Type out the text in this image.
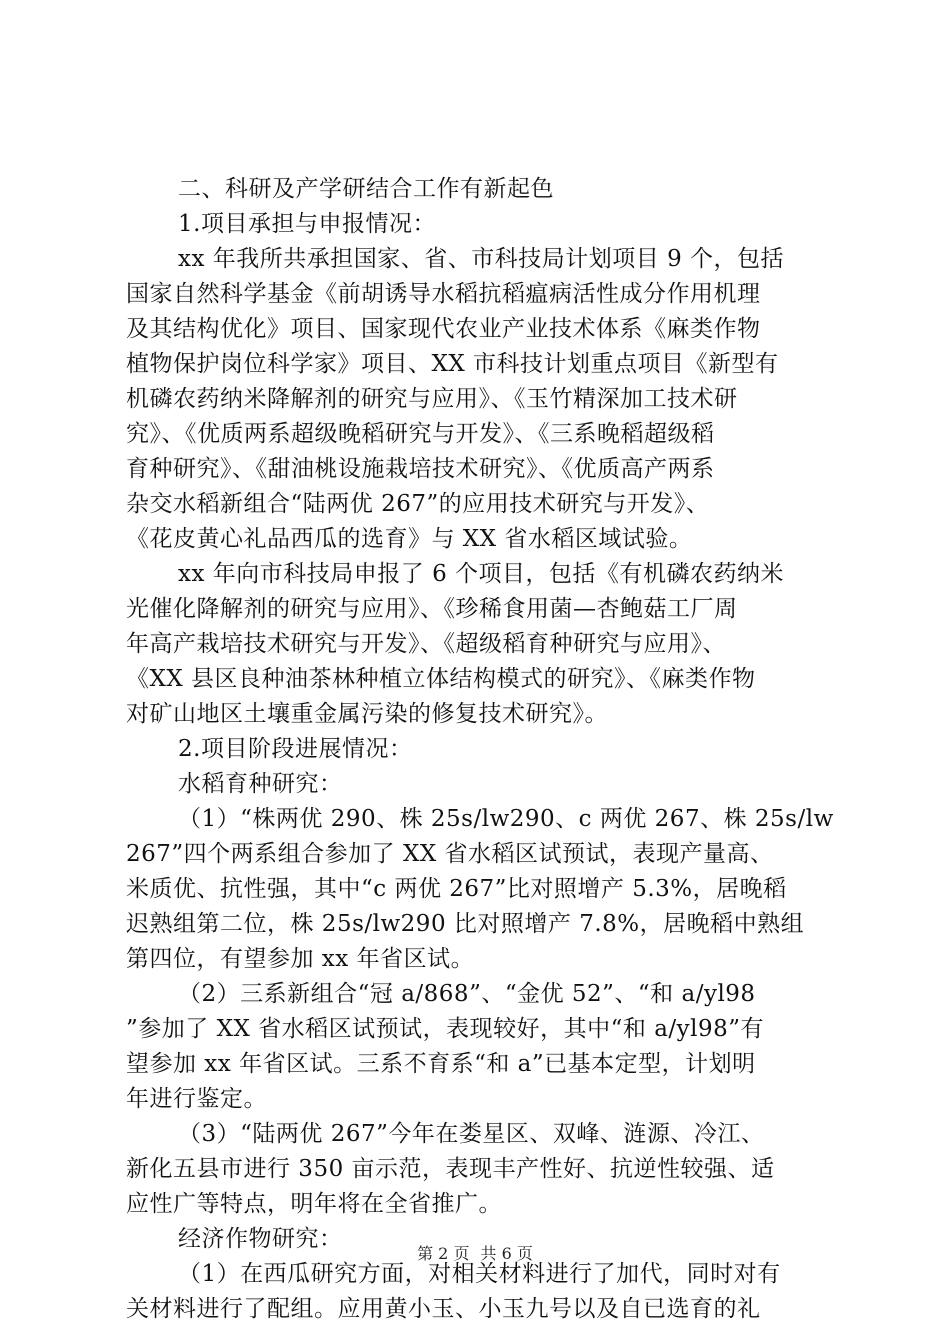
二、科研及产学研结合工作有新起色
1.项目承担与申报情况：
xx 年我所共承担国家、省、市科技局计划项目 9 个，包括
国家自然科学基金《前胡诱导水稻抗稻瘟病活性成分作用机理
及其结构优化》项目、国家现代农业产业技术体系《麻类作物
植物保护岗位科学家》项目、XX 市科技计划重点项目《新型有
机磷农药纳米降解剂的研究与应用》、《玉竹精深加工技术研
究》、《优质两系超级晚稻研究与开发》、《三系晚稻超级稻
育种研究》、《甜油桃设施栽培技术研究》、《优质高产两系
杂交水稻新组合“陆两优 267”的应用技术研究与开发》、
《花皮黄心礼品西瓜的选育》与 XX 省水稻区域试验。
xx 年向市科技局申报了 6 个项目，包括《有机磷农药纳米
光催化降解剂的研究与应用》、《珍稀食用菌—杏鲍菇工厂周
年高产栽培技术研究与开发》、《超级稻育种研究与应用》、
《XX 县区良种油茶林种植立体结构模式的研究》、《麻类作物
对矿山地区土壤重金属污染的修复技术研究》。
2.项目阶段进展情况：
水稻育种研究：
（1）“株两优 290、株 25s/lw290、c 两优 267、株 25s/lw
267”四个两系组合参加了 XX 省水稻区试预试，表现产量高、
米质优、抗性强，其中“c 两优 267”比对照增产 5.3%，居晚稻
迟熟组第二位，株 25s/lw290 比对照增产 7.8%，居晚稻中熟组
第四位，有望参加 xx 年省区试。
（2）三系新组合“冠 a/868”、“金优 52”、“和 a/yl98
”参加了 XX 省水稻区试预试，表现较好，其中“和 a/yl98”有
望参加 xx 年省区试。三系不育系“和 a”已基本定型，计划明
年进行鉴定。
（3）“陆两优 267”今年在娄星区、双峰、涟源、冷江、
新化五县市进行 350 亩示范，表现丰产性好、抗逆性较强、适
应性广等特点，明年将在全省推广。
经济作物研究：
（1）在西瓜研究方面，对相关材料进行了加代，同时对有
关材料进行了配组。应用黄小玉、小玉九号以及自已选育的礼
第 2 页 共 6 页
